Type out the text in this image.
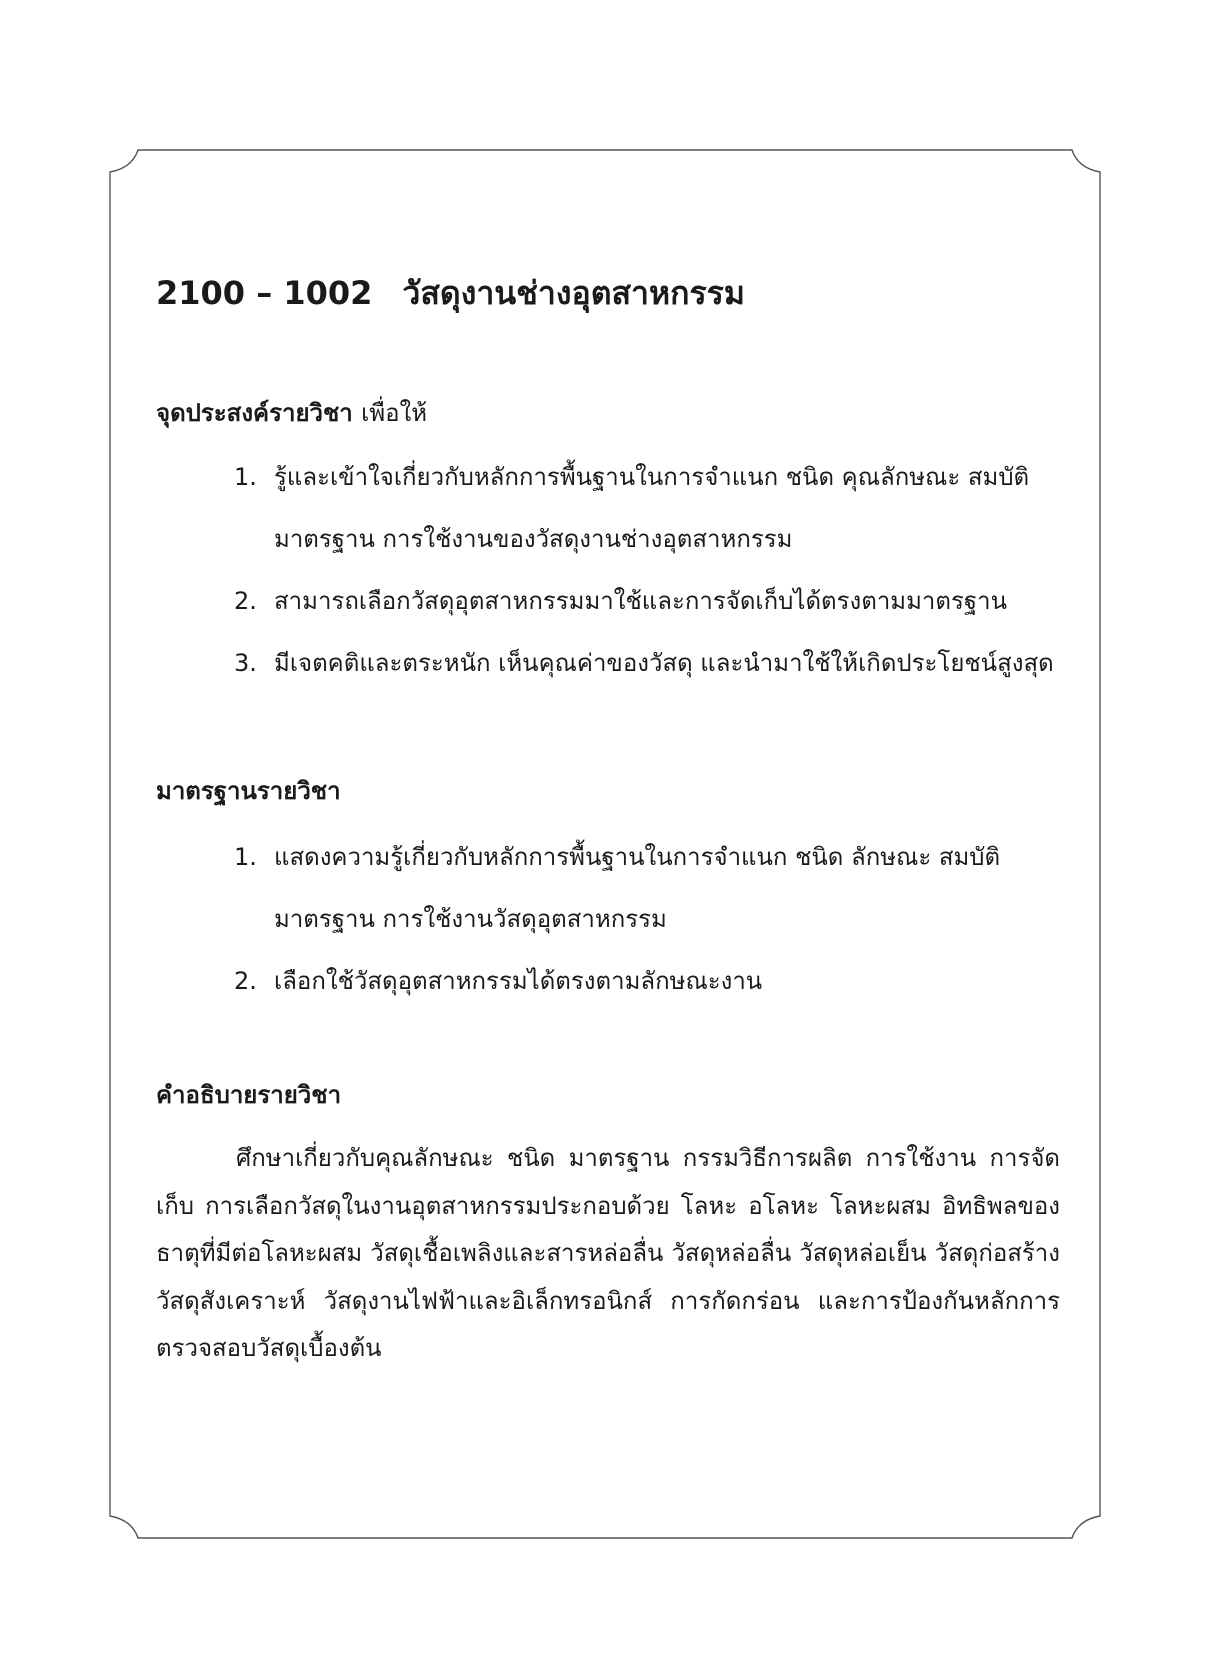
2100 – 1002 วัสดุงานช่างอุตสาหกรรม
จุดประสงค์รายวิชา เพื่อให้
1. รู้และเข้าใจเกี่ยวกับหลักการพื้นฐานในการจำแนก ชนิด คุณลักษณะ สมบัติ มาตรฐาน การใช้งานของวัสดุงานช่างอุตสาหกรรม
2. สามารถเลือกวัสดุอุตสาหกรรมมาใช้และการจัดเก็บได้ตรงตามมาตรฐาน
3. มีเจตคติและตระหนัก เห็นคุณค่าของวัสดุ และนำมาใช้ให้เกิดประโยชน์สูงสุด
มาตรฐานรายวิชา
1. แสดงความรู้เกี่ยวกับหลักการพื้นฐานในการจำแนก ชนิด ลักษณะ สมบัติ มาตรฐาน การใช้งานวัสดุอุตสาหกรรม
2. เลือกใช้วัสดุอุตสาหกรรมได้ตรงตามลักษณะงาน
คำอธิบายรายวิชา

ศึกษาเกี่ยวกับคุณลักษณะ ชนิด มาตรฐาน กรรมวิธีการผลิต การใช้งาน การจัดเก็บ การเลือกวัสดุในงานอุตสาหกรรมประกอบด้วย โลหะ อโลหะ โลหะผสม อิทธิพลของธาตุที่มีต่อโลหะผสม วัสดุเชื้อเพลิงและสารหล่อลื่น วัสดุหล่อลื่น วัสดุหล่อเย็น วัสดุก่อสร้าง วัสดุสังเคราะห์ วัสดุงานไฟฟ้าและอิเล็กทรอนิกส์ การกัดกร่อน และการป้องกันหลักการตรวจสอบวัสดุเบื้องต้น
